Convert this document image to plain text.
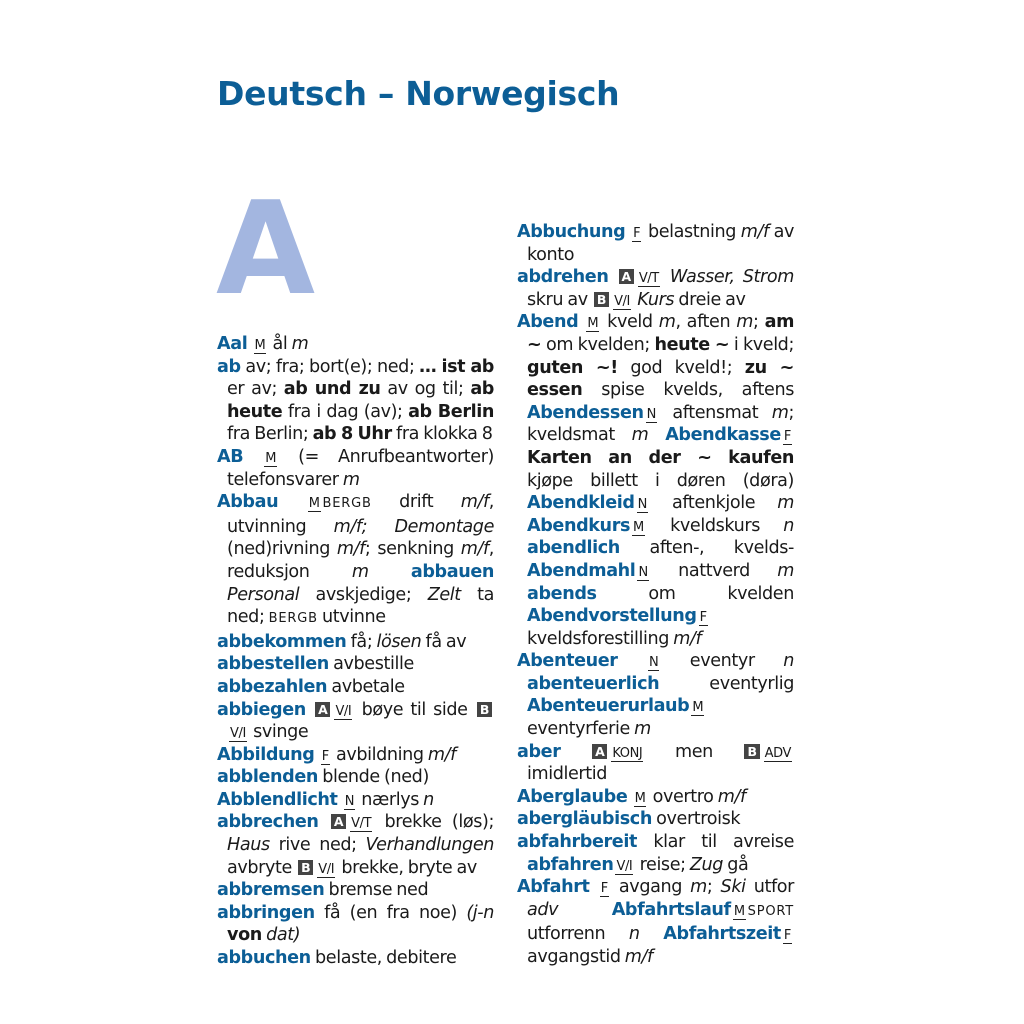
Deutsch – Norwegisch
A

Aal M ål m

ab av; fra; bort(e); ned; … ist ab er av; ab und zu av og til; ab heute fra i dag (av); ab Berlin fra Berlin; ab 8 Uhr fra klokka 8

AB M (= Anrufbeantworter) telefonsvarer m

Abbau M BERGB drift m/f, utvinning m/f; Demontage (ned)rivning m/f; senkning m/f, reduksjon m abbauen Personal avskjedige; Zelt ta ned; BERGB utvinne

abbekommen få; lösen få av

abbestellen avbestille

abbezahlen avbetale

abbiegen A V/I bøye til side BV/I svinge

Abbildung F avbildning m/f

abblenden blende (ned)

Abblendlicht N nærlys n

abbrechen A V/T brekke (løs); Haus rive ned; Verhandlungen avbryte B V/I brekke, bryte av

abbremsen bremse ned

abbringen få (en fra noe) (j-n von dat)

abbuchen belaste, debitere

Abbuchung F belastning m/f av konto

abdrehen A V/T Wasser, Strom skru av B V/I Kurs dreie av

Abend M kveld m, aften m; am ~ om kvelden; heute ~ i kveld; guten ~! god kveld!; zu ~ essen spise kvelds, aftens Abendessen N aftensmat m; kveldsmat m Abendkasse F Karten an der ~ kaufen kjøpe billett i døren (døra) Abendkleid N aftenkjole m Abendkurs M kveldskurs n abendlich aften-, kvelds- Abendmahl N nattverd m abends om kvelden Abendvorstellung F kveldsforestilling m/f

Abenteuer N eventyr n abenteuerlich eventyrlig Abenteuerurlaub M eventyrferie m

aber	A KONJ men B ADV imidlertid

Aberglaube M overtro m/f

abergläubisch overtroisk

abfahrbereit klar til avreise abfahren V/I reise; Zug gå

Abfahrt F avgang m; Ski utfor adv	Abfahrtslauf M SPORT utforrenn n Abfahrtszeit F avgangstid m/f
